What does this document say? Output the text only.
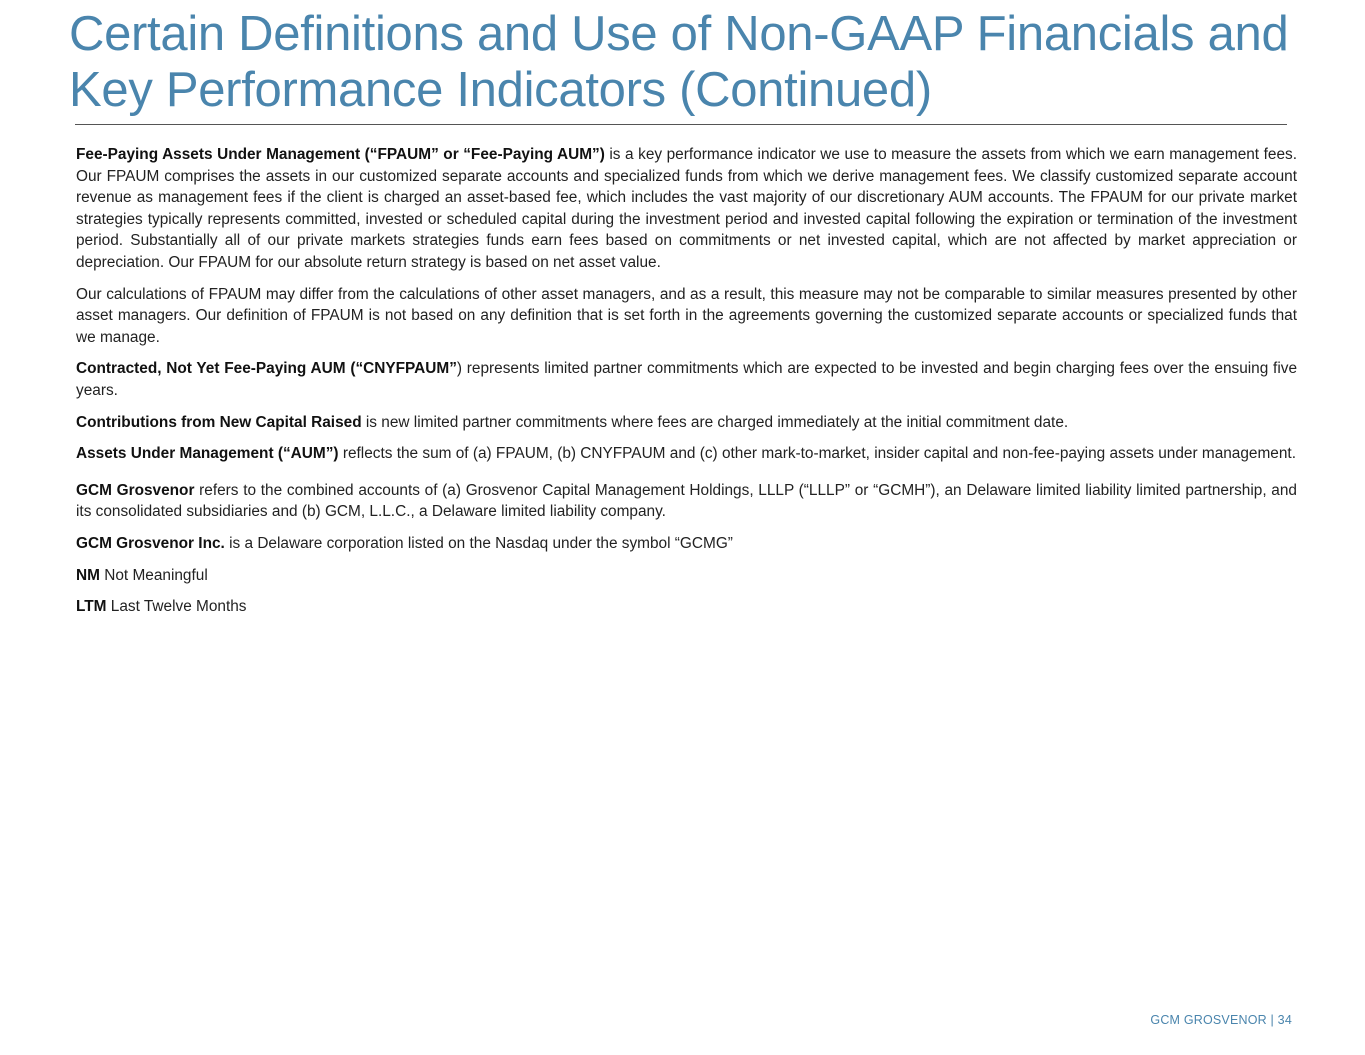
Certain Definitions and Use of Non-GAAP Financials and
Key Performance Indicators (Continued)

Fee-Paying Assets Under Management (“FPAUM” or “Fee-Paying AUM”) is a key performance indicator we use to measure the assets from which we earn management fees. Our FPAUM comprises the assets in our customized separate accounts and specialized funds from which we derive management fees. We classify customized separate account revenue as management fees if the client is charged an asset-based fee, which includes the vast majority of our discretionary AUM accounts. The FPAUM for our private market strategies typically represents committed, invested or scheduled capital during the investment period and invested capital following the expiration or termination of the investment period. Substantially all of our private markets strategies funds earn fees based on commitments or net invested capital, which are not affected by market appreciation or depreciation. Our FPAUM for our absolute return strategy is based on net asset value.

Our calculations of FPAUM may differ from the calculations of other asset managers, and as a result, this measure may not be comparable to similar measures presented by other asset managers. Our definition of FPAUM is not based on any definition that is set forth in the agreements governing the customized separate accounts or specialized funds that we manage.

Contracted, Not Yet Fee-Paying AUM (“CNYFPAUM”) represents limited partner commitments which are expected to be invested and begin charging fees over the ensuing five years.

Contributions from New Capital Raised is new limited partner commitments where fees are charged immediately at the initial commitment date.

Assets Under Management (“AUM”) reflects the sum of (a) FPAUM, (b) CNYFPAUM and (c) other mark-to-market, insider capital and non-fee-paying assets under management.

GCM Grosvenor refers to the combined accounts of (a) Grosvenor Capital Management Holdings, LLLP (“LLLP” or “GCMH”), an Delaware limited liability limited partnership, and its consolidated subsidiaries and (b) GCM, L.L.C., a Delaware limited liability company.

GCM Grosvenor Inc. is a Delaware corporation listed on the Nasdaq under the symbol “GCMG”

NM Not Meaningful

LTM Last Twelve Months

GCM GROSVENOR | 34
